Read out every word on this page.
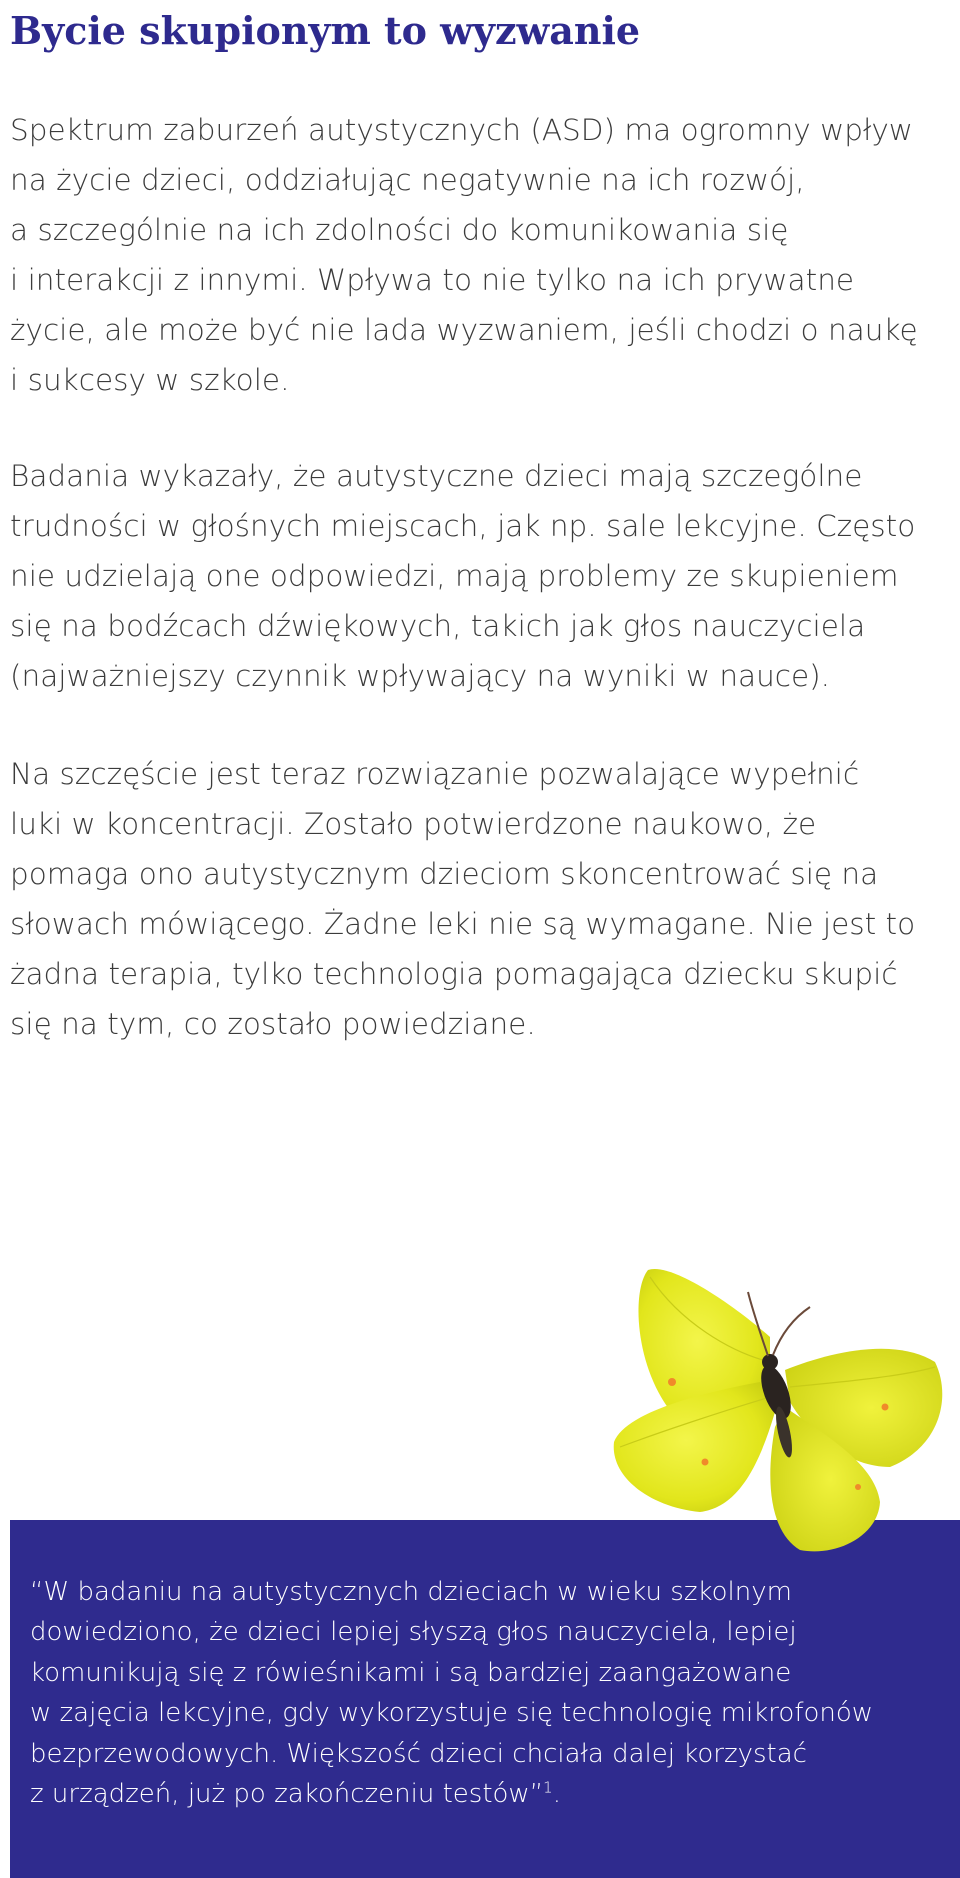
Bycie skupionym to wyzwanie

Spektrum zaburzeń autystycznych (ASD) ma ogromny wpływ
na życie dzieci, oddziałując negatywnie na ich rozwój,
a szczególnie na ich zdolności do komunikowania się
i interakcji z innymi. Wpływa to nie tylko na ich prywatne
życie, ale może być nie lada wyzwaniem, jeśli chodzi o naukę
i sukcesy w szkole.

Badania wykazały, że autystyczne dzieci mają szczególne
trudności w głośnych miejscach, jak np. sale lekcyjne. Często
nie udzielają one odpowiedzi, mają problemy ze skupieniem
się na bodźcach dźwiękowych, takich jak głos nauczyciela
(najważniejszy czynnik wpływający na wyniki w nauce).

Na szczęście jest teraz rozwiązanie pozwalające wypełnić
luki w koncentracji. Zostało potwierdzone naukowo, że
pomaga ono autystycznym dzieciom skoncentrować się na
słowach mówiącego. Żadne leki nie są wymagane. Nie jest to
żadna terapia, tylko technologia pomagająca dziecku skupić
się na tym, co zostało powiedziane.

“W badaniu na autystycznych dzieciach w wieku szkolnym
dowiedziono, że dzieci lepiej słyszą głos nauczyciela, lepiej
komunikują się z rówieśnikami i są bardziej zaangażowane
w zajęcia lekcyjne, gdy wykorzystuje się technologię mikrofonów
bezprzewodowych. Większość dzieci chciała dalej korzystać
z urządzeń, już po zakończeniu testów”$^1$.
